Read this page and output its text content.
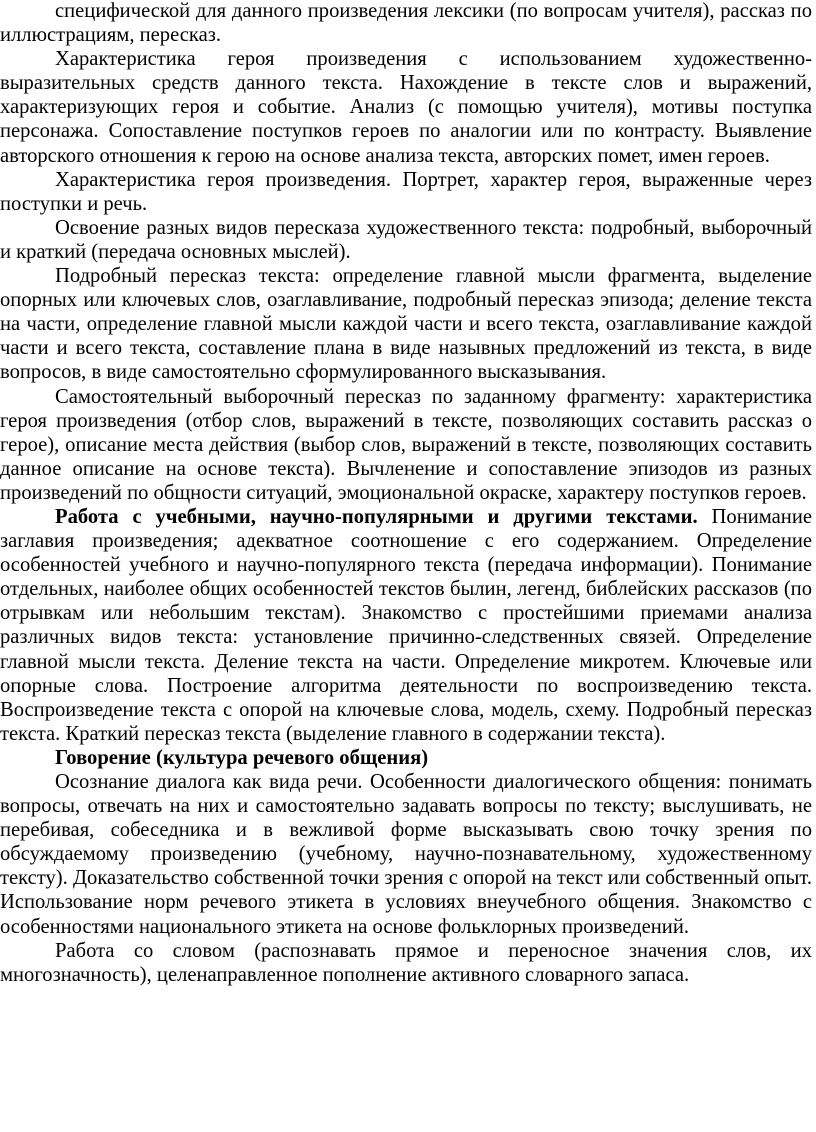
специфической для данного произведения лексики (по вопросам учителя), рассказ по иллюстрациям, пересказ.

Характеристика героя произведения с использованием художественно-выразительных средств данного текста. Нахождение в тексте слов и выражений, характеризующих героя и событие. Анализ (с помощью учителя), мотивы поступка персонажа. Сопоставление поступков героев по аналогии или по контрасту. Выявление авторского отношения к герою на основе анализа текста, авторских помет, имен героев.

Характеристика героя произведения. Портрет, характер героя, выраженные через поступки и речь.

Освоение разных видов пересказа художественного текста: подробный, выборочный и краткий (передача основных мыслей).

Подробный пересказ текста: определение главной мысли фрагмента, выделение опорных или ключевых слов, озаглавливание, подробный пересказ эпизода; деление текста на части, определение главной мысли каждой части и всего текста, озаглавливание каждой части и всего текста, составление плана в виде назывных предложений из текста, в виде вопросов, в виде самостоятельно сформулированного высказывания.

Самостоятельный выборочный пересказ по заданному фрагменту: характеристика героя произведения (отбор слов, выражений в тексте, позволяющих составить рассказ о герое), описание места действия (выбор слов, выражений в тексте, позволяющих составить данное описание на основе текста). Вычленение и сопоставление эпизодов из разных произведений по общности ситуаций, эмоциональной окраске, характеру поступков героев.

Работа с учебными, научно-популярными и другими текстами. Понимание заглавия произведения; адекватное соотношение с его содержанием. Определение особенностей учебного и научно-популярного текста (передача информации). Понимание отдельных, наиболее общих особенностей текстов былин, легенд, библейских рассказов (по отрывкам или небольшим текстам). Знакомство с простейшими приемами анализа различных видов текста: установление причинно-следственных связей. Определение главной мысли текста. Деление текста на части. Определение микротем. Ключевые или опорные слова. Построение алгоритма деятельности по воспроизведению текста. Воспроизведение текста с опорой на ключевые слова, модель, схему. Подробный пересказ текста. Краткий пересказ текста (выделение главного в содержании текста).

Говорение (культура речевого общения)

Осознание диалога как вида речи. Особенности диалогического общения: понимать вопросы, отвечать на них и самостоятельно задавать вопросы по тексту; выслушивать, не перебивая, собеседника и в вежливой форме высказывать свою точку зрения по обсуждаемому произведению (учебному, научно-познавательному, художественному тексту). Доказательство собственной точки зрения с опорой на текст или собственный опыт. Использование норм речевого этикета в условиях внеучебного общения. Знакомство с особенностями национального этикета на основе фольклорных произведений.

Работа со словом (распознавать прямое и переносное значения слов, их многозначность), целенаправленное пополнение активного словарного запаса.
